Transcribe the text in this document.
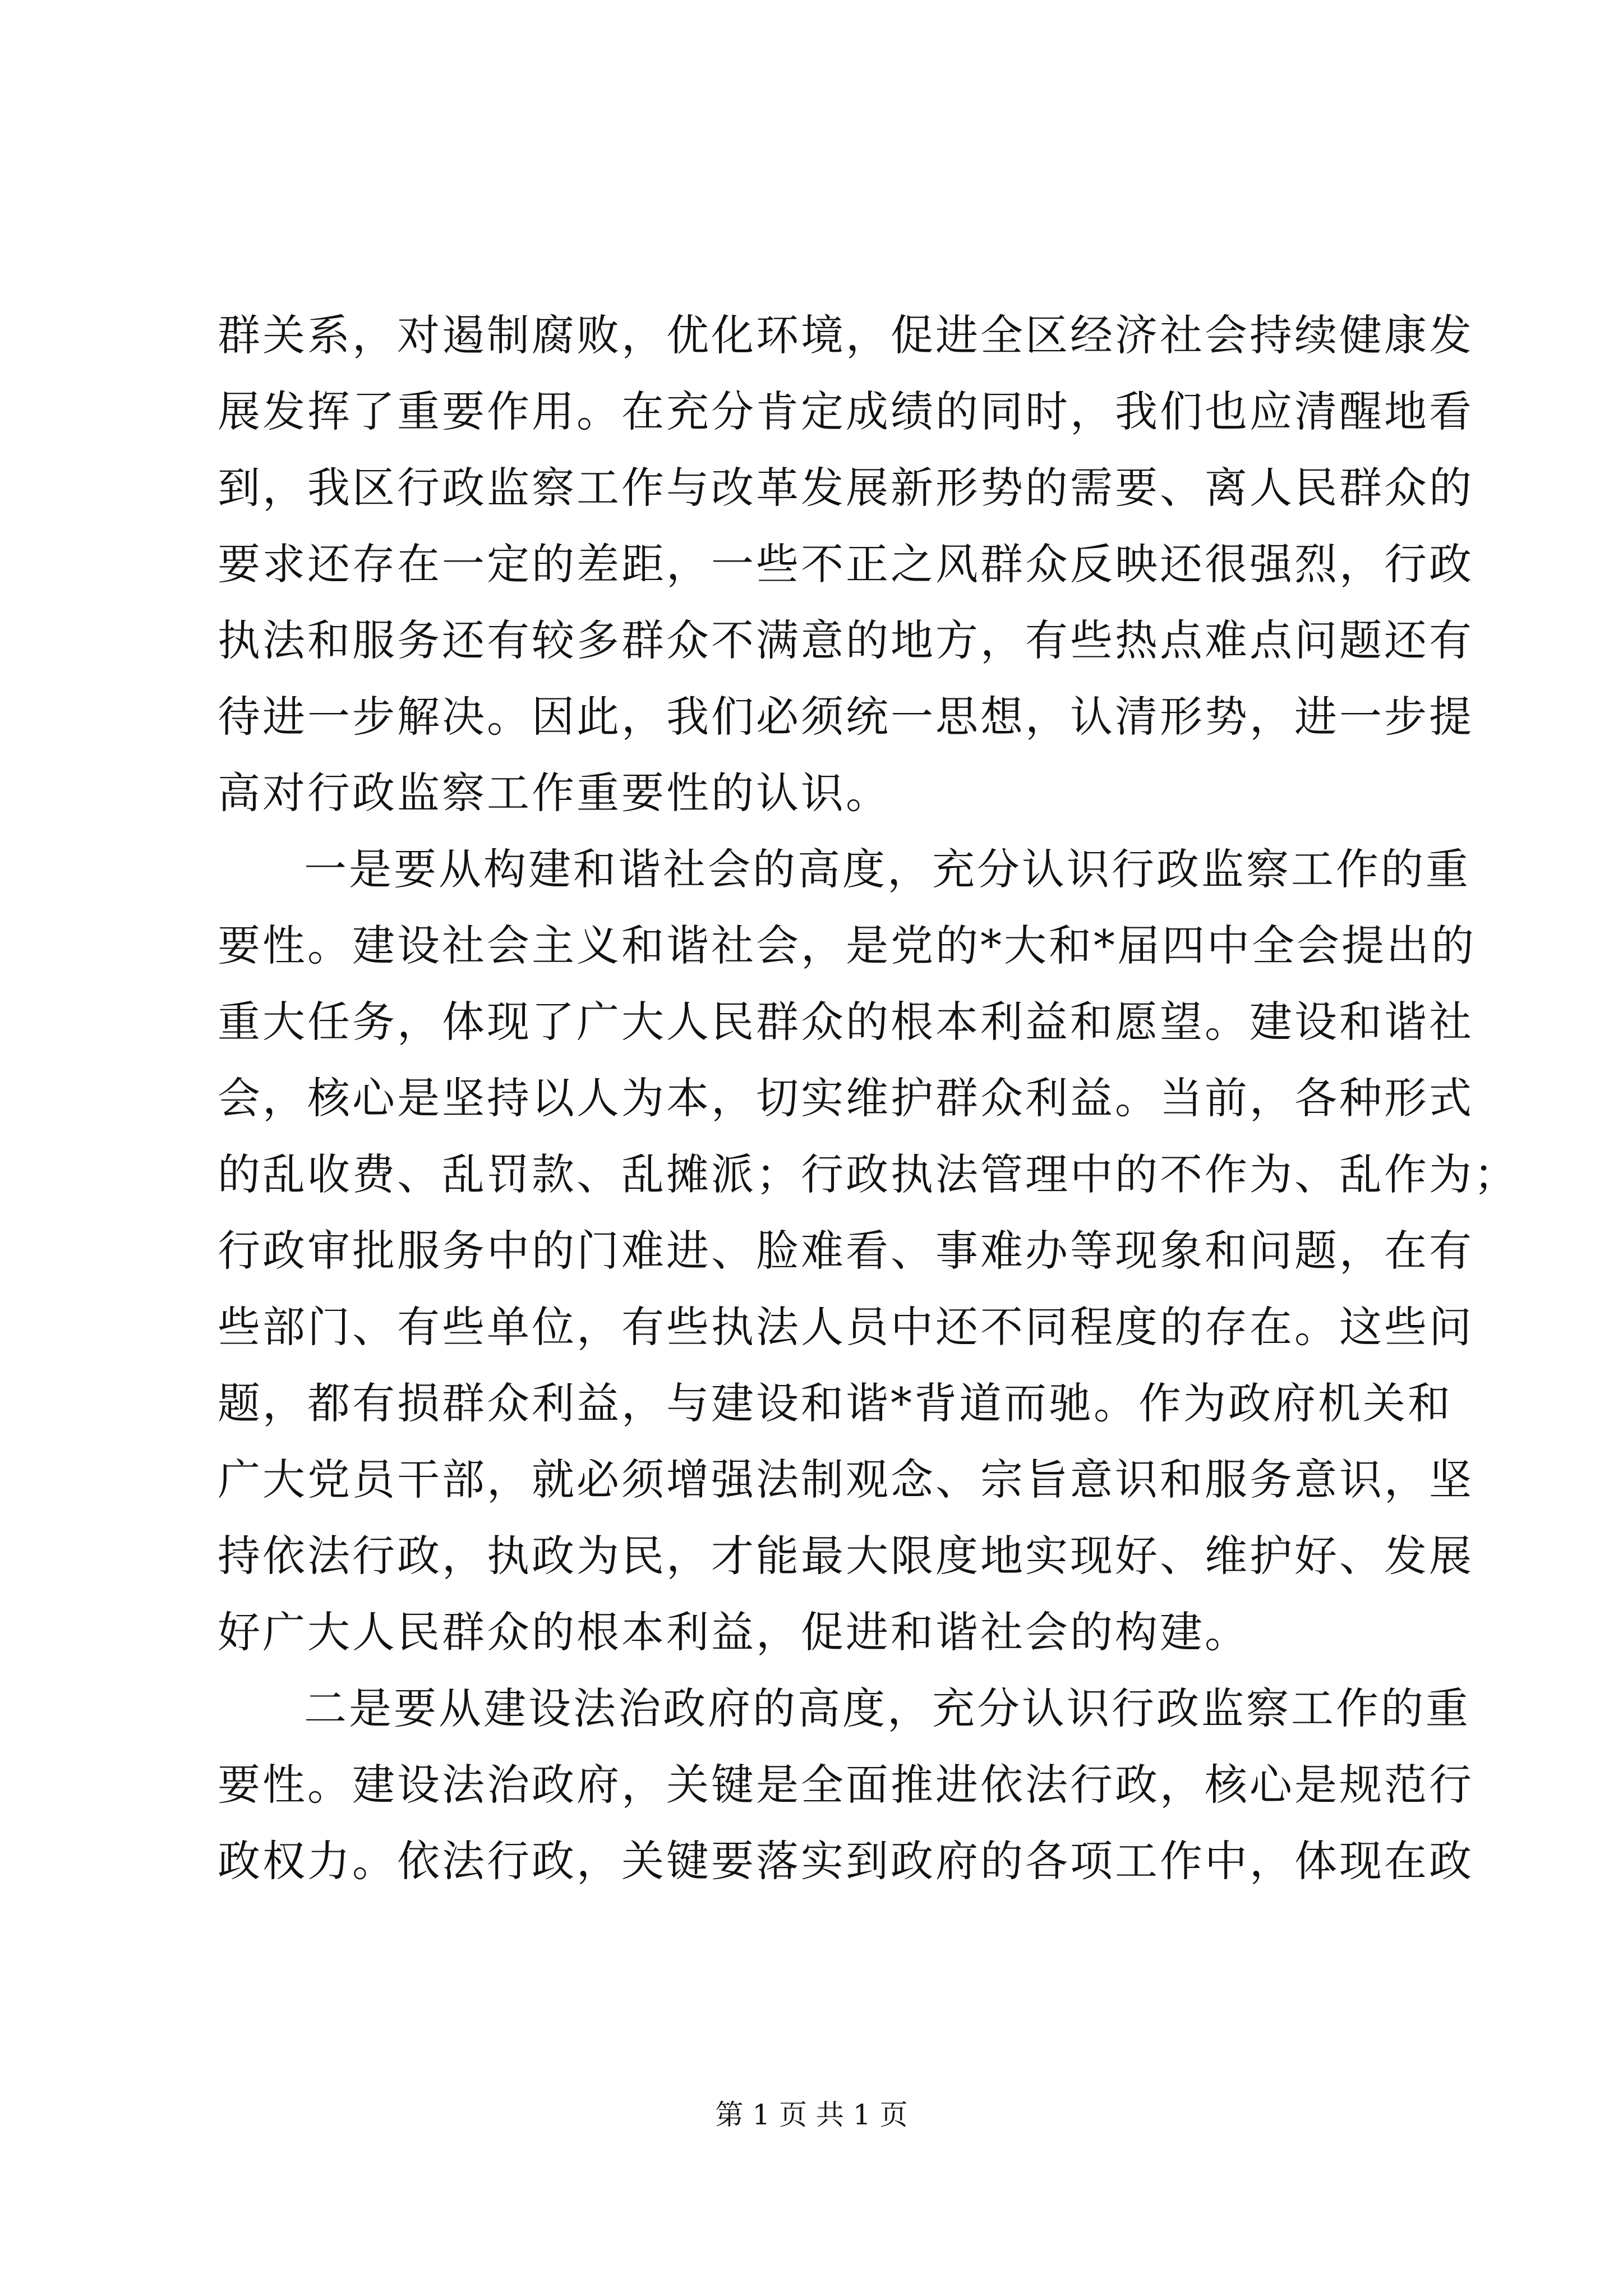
群关系，对遏制腐败，优化环境，促进全区经济社会持续健康发
展发挥了重要作用。在充分肯定成绩的同时，我们也应清醒地看
到，我区行政监察工作与改革发展新形势的需要、离人民群众的
要求还存在一定的差距，一些不正之风群众反映还很强烈，行政
执法和服务还有较多群众不满意的地方，有些热点难点问题还有
待进一步解决。因此，我们必须统一思想，认清形势，进一步提
高对行政监察工作重要性的认识。
一是要从构建和谐社会的高度，充分认识行政监察工作的重
要性。建设社会主义和谐社会，是党的*大和*届四中全会提出的
重大任务，体现了广大人民群众的根本利益和愿望。建设和谐社
会，核心是坚持以人为本，切实维护群众利益。当前，各种形式
的乱收费、乱罚款、乱摊派；行政执法管理中的不作为、乱作为；
行政审批服务中的门难进、脸难看、事难办等现象和问题，在有
些部门、有些单位，有些执法人员中还不同程度的存在。这些问
题，都有损群众利益，与建设和谐*背道而驰。作为政府机关和
广大党员干部，就必须增强法制观念、宗旨意识和服务意识，坚
持依法行政，执政为民，才能最大限度地实现好、维护好、发展
好广大人民群众的根本利益，促进和谐社会的构建。
二是要从建设法治政府的高度，充分认识行政监察工作的重
要性。建设法治政府，关键是全面推进依法行政，核心是规范行
政权力。依法行政，关键要落实到政府的各项工作中，体现在政
第 1 页 共 1 页
